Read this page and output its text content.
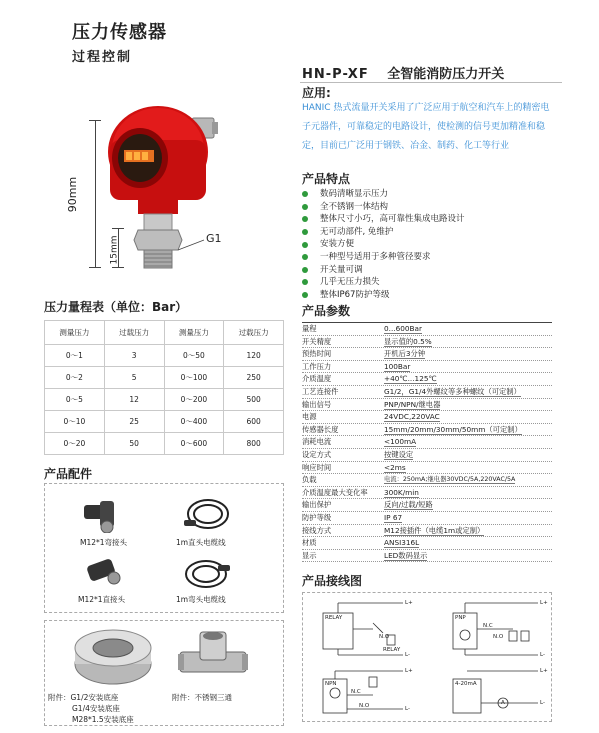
压力传感器
过程控制
HN-P-XF 全智能消防压力开关
应用:
HANIC 热式流量开关采用了广泛应用于航空和汽车上的精密电子元器件，可靠稳定的电路设计，使检测的信号更加精准和稳定，目前已广泛用于钢铁、冶金、制药、化工等行业
产品特点
数码清晰显示压力
全不锈钢一体结构
整体尺寸小巧，高可靠性集成电路设计
无可动部件, 免维护
安装方便
一种型号适用于多种管径要求
开关量可调
几乎无压力损失
整体IP67防护等级
90mm
15mm	G1
压力量程表（单位：Bar）
测量压力	过载压力	测量压力	过载压力
0～1	3	0～50	120
0～2	5	0～100	250
0～5	12	0～200	500
0～10	25	0～400	600
0～20	50	0～600	800
产品配件
M12*1弯接头	1m直头电缆线
M12*1直接头	1m弯头电缆线
附件：G1/2安装底座
G1/4安装底座
M28*1.5安装底座
附件：不锈钢三通
产品参数
量程	0...600Bar
开关精度	显示值的0.5%
预热时间	开机后3分钟
工作压力	100Bar
介质温度	+40℃...125℃
工艺连接件	G1/2，G1/4外螺纹等多种螺纹（可定制）
输出信号	PNP/NPN/继电器
电源	24VDC,220VAC
传感器长度	15mm/20mm/30mm/50mm（可定制）
消耗电流	<100mA
设定方式	按键设定
响应时间	<2ms
负载	电流：250mA;继电器30VDC/5A,220VAC/5A
介质温度最大变化率	300K/min
输出保护	反向/过载/短路
防护等级	IP 67
接线方式	M12接插件（电缆1m或定制）
材质	ANSI316L
显示	LED数码显示
产品接线图
L+
RELAY
N.O
RELAY
L-
L+
PNP
N.C
N.O
L-
L+
NPN
N.C
N.O	L-
L+
4-20mA
A	L-
